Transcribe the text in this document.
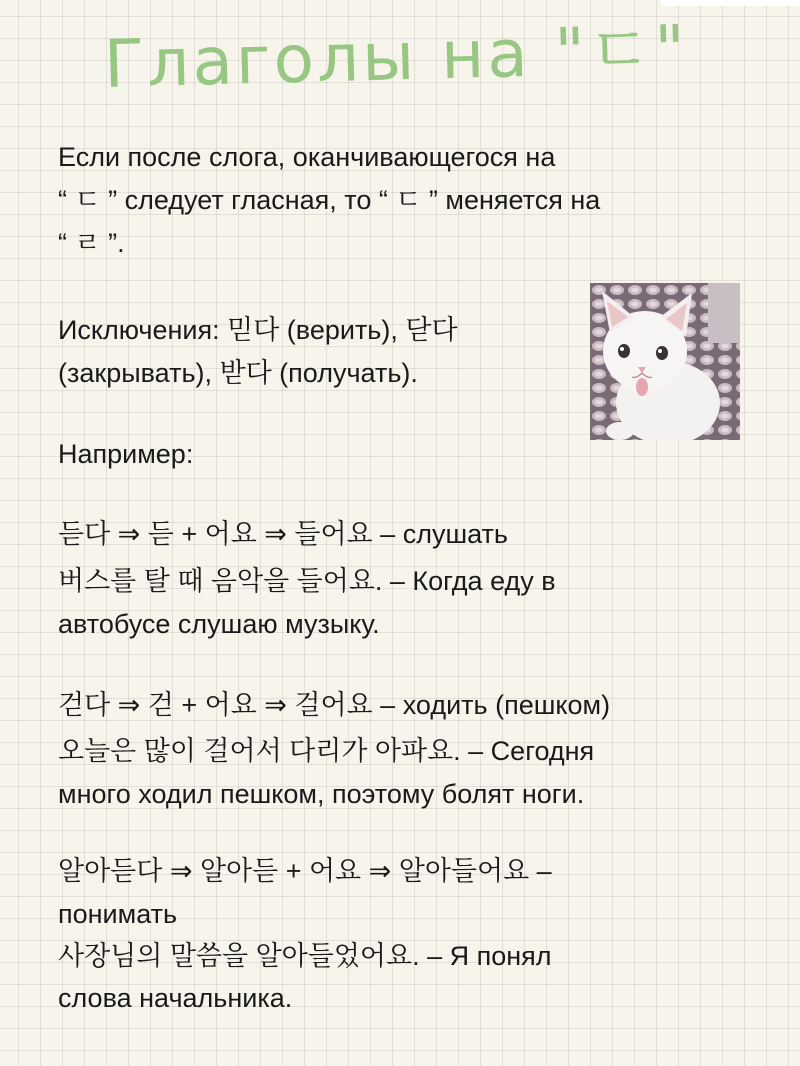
Глаголы на "ㄷ"
Если после слога, оканчивающегося на
“ ㄷ ” следует гласная, то “ ㄷ ” меняется на
“ ㄹ ”.
Исключения: 믿다 (верить), 닫다
(закрывать), 받다 (получать).
Например:
듣다 ⇒ 듣 + 어요 ⇒ 들어요 – слушать
버스를 탈 때 음악을 들어요. – Когда еду в
автобусе слушаю музыку.
걷다 ⇒ 걷 + 어요 ⇒ 걸어요 – ходить (пешком)
오늘은 많이 걸어서 다리가 아파요. – Сегодня
много ходил пешком, поэтому болят ноги.
알아듣다 ⇒ 알아듣 + 어요 ⇒ 알아들어요 –
понимать
사장님의 말씀을 알아들었어요. – Я понял
слова начальника.
